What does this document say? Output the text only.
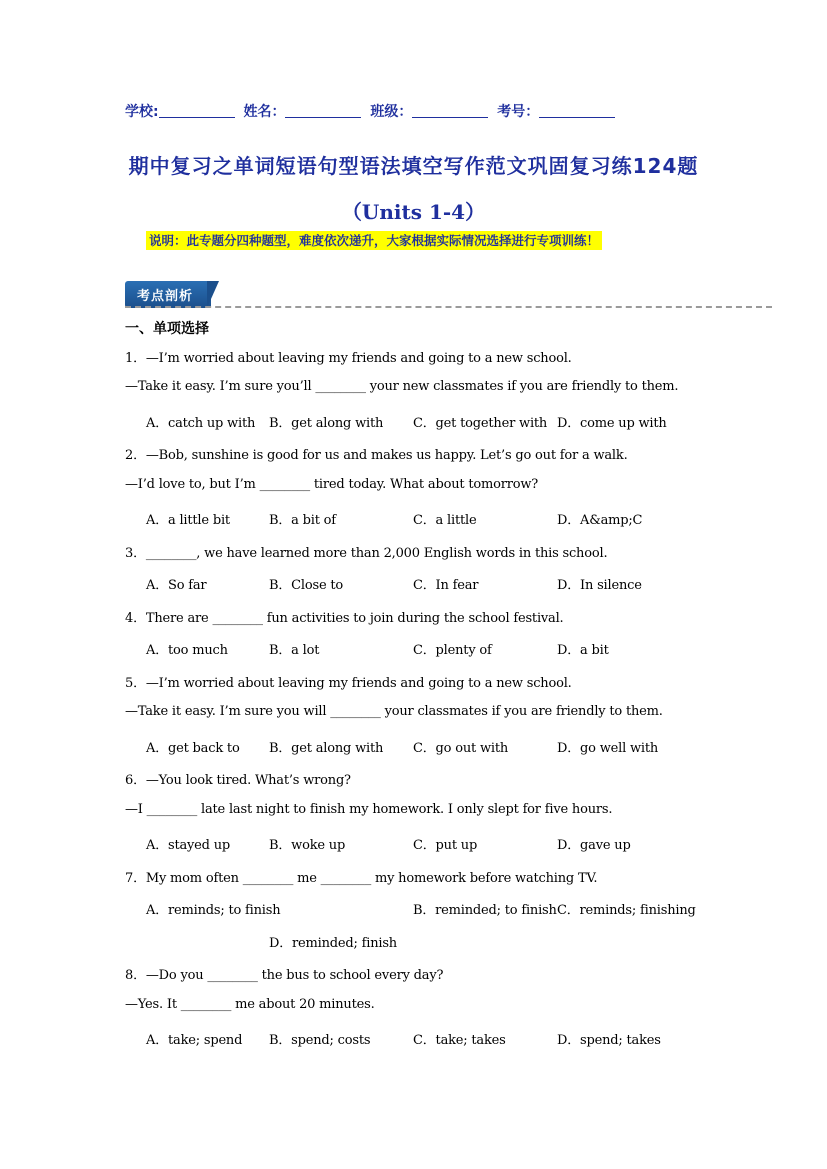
学校:	姓名：	班级：	考号：
期中复习之单词短语句型语法填空写作范文巩固复习练124题
（Units 1-4）
说明：此专题分四种题型，难度依次递升，大家根据实际情况选择进行专项训练！
考点剖析
一、单项选择
1．—I’m worried about leaving my friends and going to a new school.
—Take it easy. I’m sure you’ll ________ your new classmates if you are friendly to them.
A．catch up with B．get along with C．get together with D．come up with
2．—Bob, sunshine is good for us and makes us happy. Let’s go out for a walk.
—I’d love to, but I’m ________ tired today. What about tomorrow?
A．a little bit	B．a bit of	C．a little	D．A&amp;C
3．________, we have learned more than 2,000 English words in this school.
A．So far	B．Close to	C．In fear	D．In silence
4．There are ________ fun activities to join during the school festival.
A．too much	B．a lot	C．plenty of	D．a bit
5．—I’m worried about leaving my friends and going to a new school.
—Take it easy. I’m sure you will ________ your classmates if you are friendly to them.
A．get back to B．get along with C．go out with	D．go well with
6．—You look tired. What’s wrong?
—I ________ late last night to finish my homework. I only slept for five hours.
A．stayed up	B．woke up	C．put up	D．gave up
7．My mom often ________ me ________ my homework before watching TV.
A．reminds; to finish	B．reminded; to finish C．reminds; finishing
D．reminded; finish
8．—Do you ________ the bus to school every day?
—Yes. It ________ me about 20 minutes.
A．take; spend B．spend; costs	C．take; takes	D．spend; takes
